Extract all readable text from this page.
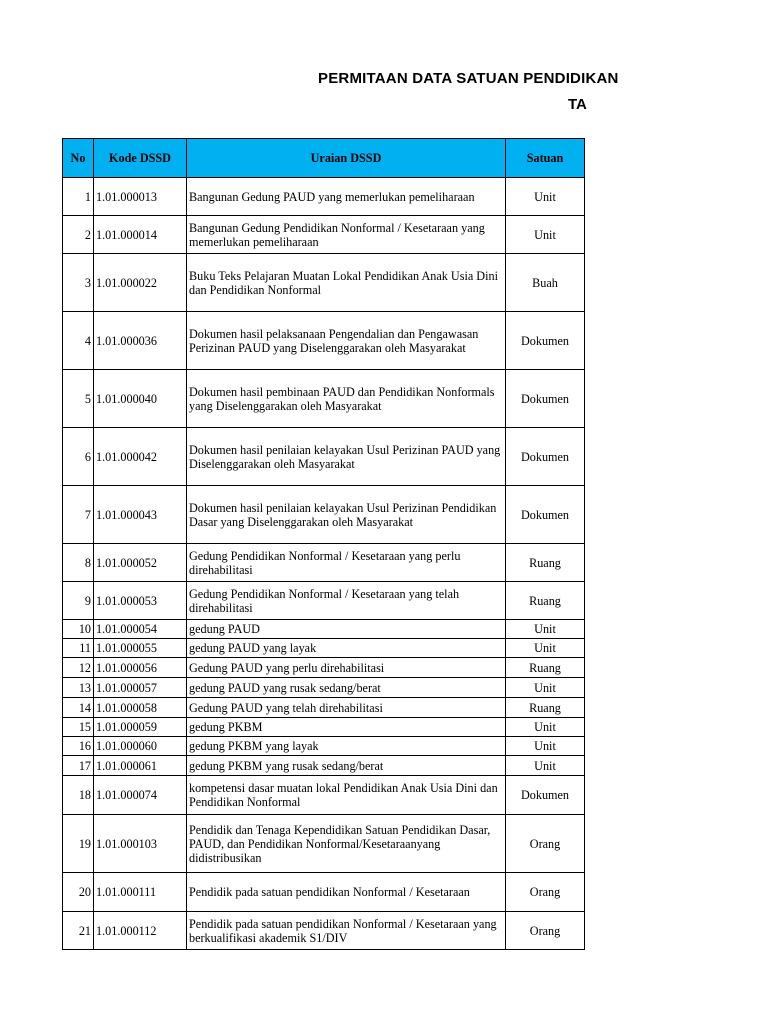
PERMITAAN DATA SATUAN PENDIDIKAN
TA
No	Kode DSSD	Uraian DSSD	Satuan
1	1.01.000013	Bangunan Gedung PAUD yang memerlukan pemeliharaan	Unit
2	1.01.000014	Bangunan Gedung Pendidikan Nonformal / Kesetaraan yang memerlukan pemeliharaan	Unit
3	1.01.000022	Buku Teks Pelajaran Muatan Lokal Pendidikan Anak Usia Dini dan Pendidikan Nonformal	Buah
4	1.01.000036	Dokumen hasil pelaksanaan Pengendalian dan Pengawasan Perizinan PAUD yang Diselenggarakan oleh Masyarakat	Dokumen
5	1.01.000040	Dokumen hasil pembinaan PAUD dan Pendidikan Nonformals yang Diselenggarakan oleh Masyarakat	Dokumen
6	1.01.000042	Dokumen hasil penilaian kelayakan Usul Perizinan PAUD yang Diselenggarakan oleh Masyarakat	Dokumen
7	1.01.000043	Dokumen hasil penilaian kelayakan Usul Perizinan Pendidikan Dasar yang Diselenggarakan oleh Masyarakat	Dokumen
8	1.01.000052	Gedung Pendidikan Nonformal / Kesetaraan yang perlu direhabilitasi	Ruang
9	1.01.000053	Gedung Pendidikan Nonformal / Kesetaraan yang telah direhabilitasi	Ruang
10	1.01.000054	gedung PAUD	Unit
11	1.01.000055	gedung PAUD yang layak	Unit
12	1.01.000056	Gedung PAUD yang perlu direhabilitasi	Ruang
13	1.01.000057	gedung PAUD yang rusak sedang/berat	Unit
14	1.01.000058	Gedung PAUD yang telah direhabilitasi	Ruang
15	1.01.000059	gedung PKBM	Unit
16	1.01.000060	gedung PKBM yang layak	Unit
17	1.01.000061	gedung PKBM yang rusak sedang/berat	Unit
18	1.01.000074	kompetensi dasar muatan lokal Pendidikan Anak Usia Dini dan Pendidikan Nonformal	Dokumen
19	1.01.000103	Pendidik dan Tenaga Kependidikan Satuan Pendidikan Dasar, PAUD, dan Pendidikan Nonformal/Kesetaraanyang didistribusikan	Orang
20	1.01.000111	Pendidik pada satuan pendidikan Nonformal / Kesetaraan	Orang
21	1.01.000112	Pendidik pada satuan pendidikan Nonformal / Kesetaraan yang berkualifikasi akademik S1/DIV	Orang
